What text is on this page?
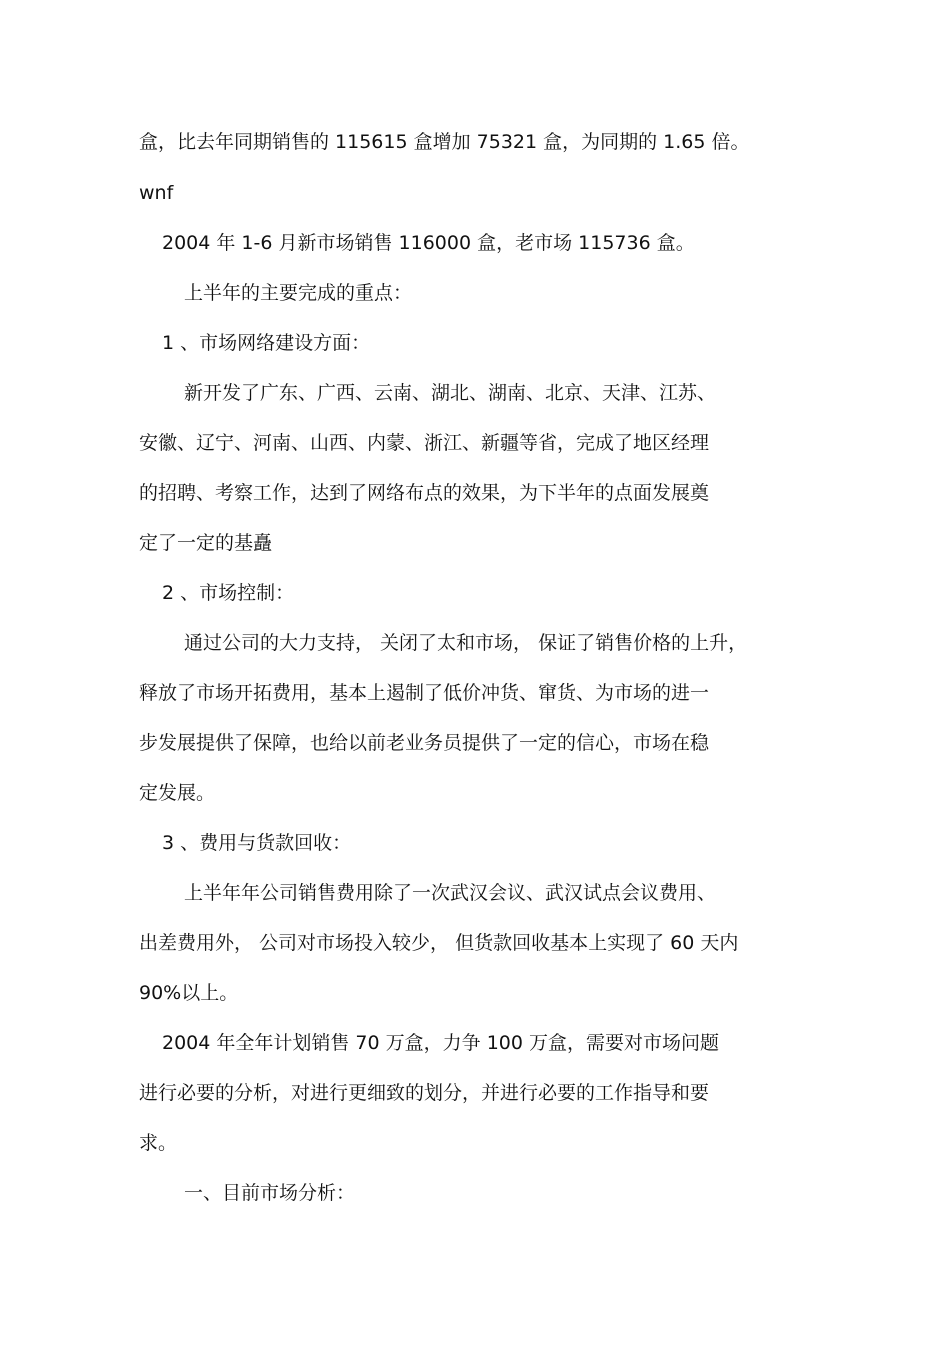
盒，比去年同期销售的 115615 盒增加 75321 盒，为同期的 1.65 倍。
wnf
2004 年 1-6 月新市场销售 116000 盒，老市场 115736 盒。
上半年的主要完成的重点：
1 、市场网络建设方面：
新开发了广东、广西、云南、湖北、湖南、北京、天津、江苏、
安徽、辽宁、河南、山西、内蒙、浙江、新疆等省，完成了地区经理
的招聘、考察工作，达到了网络布点的效果，为下半年的点面发展奠
定了一定的基矗
2 、市场控制：
通过公司的大力支持， 关闭了太和市场， 保证了销售价格的上升，
释放了市场开拓费用，基本上遏制了低价冲货、窜货、为市场的进一
步发展提供了保障，也给以前老业务员提供了一定的信心，市场在稳
定发展。
3 、费用与货款回收：
上半年年公司销售费用除了一次武汉会议、武汉试点会议费用、
出差费用外， 公司对市场投入较少， 但货款回收基本上实现了 60 天内
90%以上。
2004 年全年计划销售 70 万盒，力争 100 万盒，需要对市场问题
进行必要的分析，对进行更细致的划分，并进行必要的工作指导和要
求。
一、目前市场分析：
